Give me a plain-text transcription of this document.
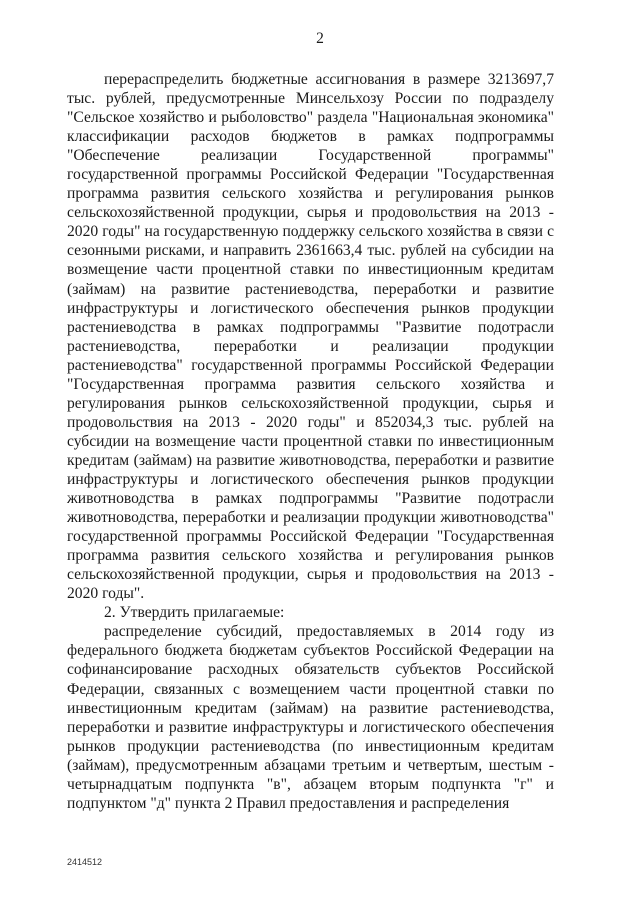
2

перераспределить бюджетные ассигнования в размере 3213697,7 тыс. рублей, предусмотренные Минсельхозу России по подразделу "Сельское хозяйство и рыболовство" раздела "Национальная экономика" классификации расходов бюджетов в рамках подпрограммы "Обеспечение реализации Государственной программы" государственной программы Российской Федерации "Государственная программа развития сельского хозяйства и регулирования рынков сельскохозяйственной продукции, сырья и продовольствия на 2013 - 2020 годы" на государственную поддержку сельского хозяйства в связи с сезонными рисками, и направить 2361663,4 тыс. рублей на субсидии на возмещение части процентной ставки по инвестиционным кредитам (займам) на развитие растениеводства, переработки и развитие инфраструктуры и логистического обеспечения рынков продукции растениеводства в рамках подпрограммы "Развитие подотрасли растениеводства, переработки и реализации продукции растениеводства" государственной программы Российской Федерации "Государственная программа развития сельского хозяйства и регулирования рынков сельскохозяйственной продукции, сырья и продовольствия на 2013 - 2020 годы" и 852034,3 тыс. рублей на субсидии на возмещение части процентной ставки по инвестиционным кредитам (займам) на развитие животноводства, переработки и развитие инфраструктуры и логистического обеспечения рынков продукции животноводства в рамках подпрограммы "Развитие подотрасли животноводства, переработки и реализации продукции животноводства" государственной программы Российской Федерации "Государственная программа развития сельского хозяйства и регулирования рынков сельскохозяйственной продукции, сырья и продовольствия на 2013 - 2020 годы".

2. Утвердить прилагаемые:

распределение субсидий, предоставляемых в 2014 году из федерального бюджета бюджетам субъектов Российской Федерации на софинансирование расходных обязательств субъектов Российской Федерации, связанных с возмещением части процентной ставки по инвестиционным кредитам (займам) на развитие растениеводства, переработки и развитие инфраструктуры и логистического обеспечения рынков продукции растениеводства (по инвестиционным кредитам (займам), предусмотренным абзацами третьим и четвертым, шестым - четырнадцатым подпункта "в", абзацем вторым подпункта "г" и подпунктом "д" пункта 2 Правил предоставления и распределения

2414512
